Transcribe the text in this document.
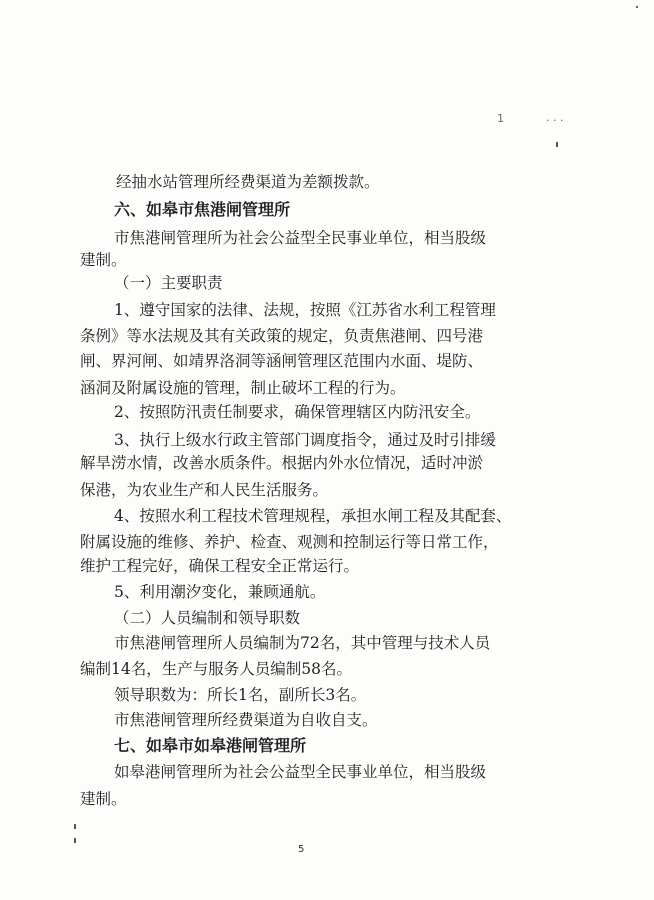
1	· · ·
经抽水站管理所经费渠道为差额拨款。
六、如皋市焦港闸管理所
市焦港闸管理所为社会公益型全民事业单位，相当股级
建制。
（一）主要职责
1、遵守国家的法律、法规，按照《江苏省水利工程管理
条例》等水法规及其有关政策的规定，负责焦港闸、四号港
闸、界河闸、如靖界洛洞等涵闸管理区范围内水面、堤防、
涵洞及附属设施的管理，制止破坏工程的行为。
2、按照防汛责任制要求，确保管理辖区内防汛安全。
3、执行上级水行政主管部门调度指令，通过及时引排缓
解旱涝水情，改善水质条件。根据内外水位情况，适时冲淤
保港，为农业生产和人民生活服务。
4、按照水利工程技术管理规程，承担水闸工程及其配套、
附属设施的维修、养护、检查、观测和控制运行等日常工作，
维护工程完好，确保工程安全正常运行。
5、利用潮汐变化，兼顾通航。
（二）人员编制和领导职数
市焦港闸管理所人员编制为72名，其中管理与技术人员
编制14名，生产与服务人员编制58名。
领导职数为：所长1名，副所长3名。
市焦港闸管理所经费渠道为自收自支。
七、如皋市如皋港闸管理所
如皋港闸管理所为社会公益型全民事业单位，相当股级
建制。
5
